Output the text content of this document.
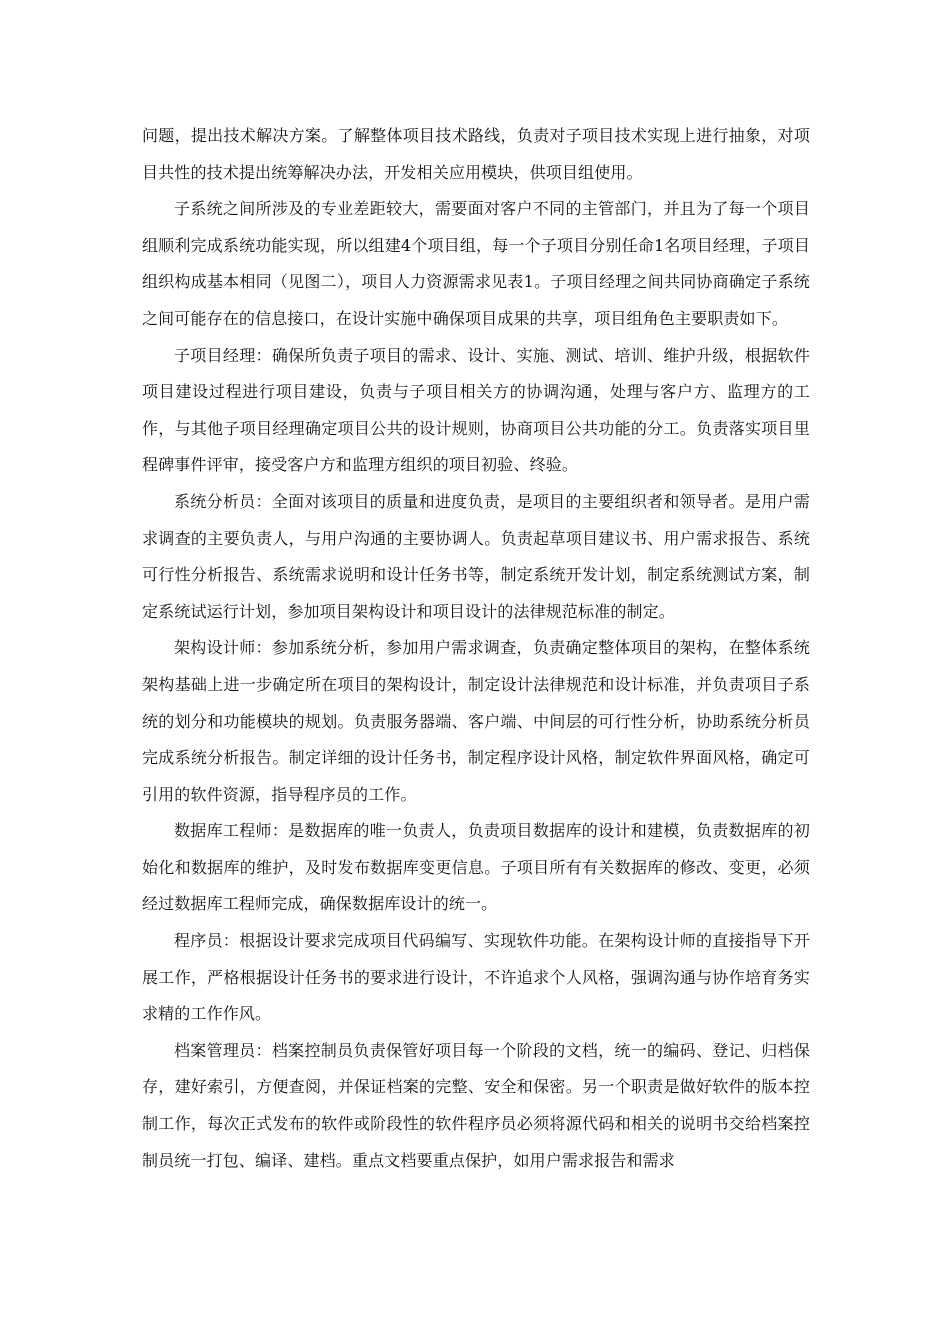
问题，提出技术解决方案。了解整体项目技术路线，负责对子项目技术实现上进行抽象，对项目共性的技术提出统筹解决办法，开发相关应用模块，供项目组使用。

子系统之间所涉及的专业差距较大，需要面对客户不同的主管部门，并且为了每一个项目组顺利完成系统功能实现，所以组建4个项目组，每一个子项目分别任命1名项目经理，子项目组织构成基本相同（见图二），项目人力资源需求见表1。子项目经理之间共同协商确定子系统之间可能存在的信息接口，在设计实施中确保项目成果的共享，项目组角色主要职责如下。

子项目经理：确保所负责子项目的需求、设计、实施、测试、培训、维护升级，根据软件项目建设过程进行项目建设，负责与子项目相关方的协调沟通，处理与客户方、监理方的工作，与其他子项目经理确定项目公共的设计规则，协商项目公共功能的分工。负责落实项目里程碑事件评审，接受客户方和监理方组织的项目初验、终验。

系统分析员：全面对该项目的质量和进度负责，是项目的主要组织者和领导者。是用户需求调查的主要负责人，与用户沟通的主要协调人。负责起草项目建议书、用户需求报告、系统可行性分析报告、系统需求说明和设计任务书等，制定系统开发计划，制定系统测试方案，制定系统试运行计划，参加项目架构设计和项目设计的法律规范标准的制定。

架构设计师：参加系统分析，参加用户需求调查，负责确定整体项目的架构，在整体系统架构基础上进一步确定所在项目的架构设计，制定设计法律规范和设计标准，并负责项目子系统的划分和功能模块的规划。负责服务器端、客户端、中间层的可行性分析，协助系统分析员完成系统分析报告。制定详细的设计任务书，制定程序设计风格，制定软件界面风格，确定可引用的软件资源，指导程序员的工作。

数据库工程师：是数据库的唯一负责人，负责项目数据库的设计和建模，负责数据库的初始化和数据库的维护，及时发布数据库变更信息。子项目所有有关数据库的修改、变更，必须经过数据库工程师完成，确保数据库设计的统一。

程序员：根据设计要求完成项目代码编写、实现软件功能。在架构设计师的直接指导下开展工作，严格根据设计任务书的要求进行设计，不许追求个人风格，强调沟通与协作培育务实求精的工作作风。

档案管理员：档案控制员负责保管好项目每一个阶段的文档，统一的编码、登记、归档保存，建好索引，方便查阅，并保证档案的完整、安全和保密。另一个职责是做好软件的版本控制工作，每次正式发布的软件或阶段性的软件程序员必须将源代码和相关的说明书交给档案控制员统一打包、编译、建档。重点文档要重点保护，如用户需求报告和需求
